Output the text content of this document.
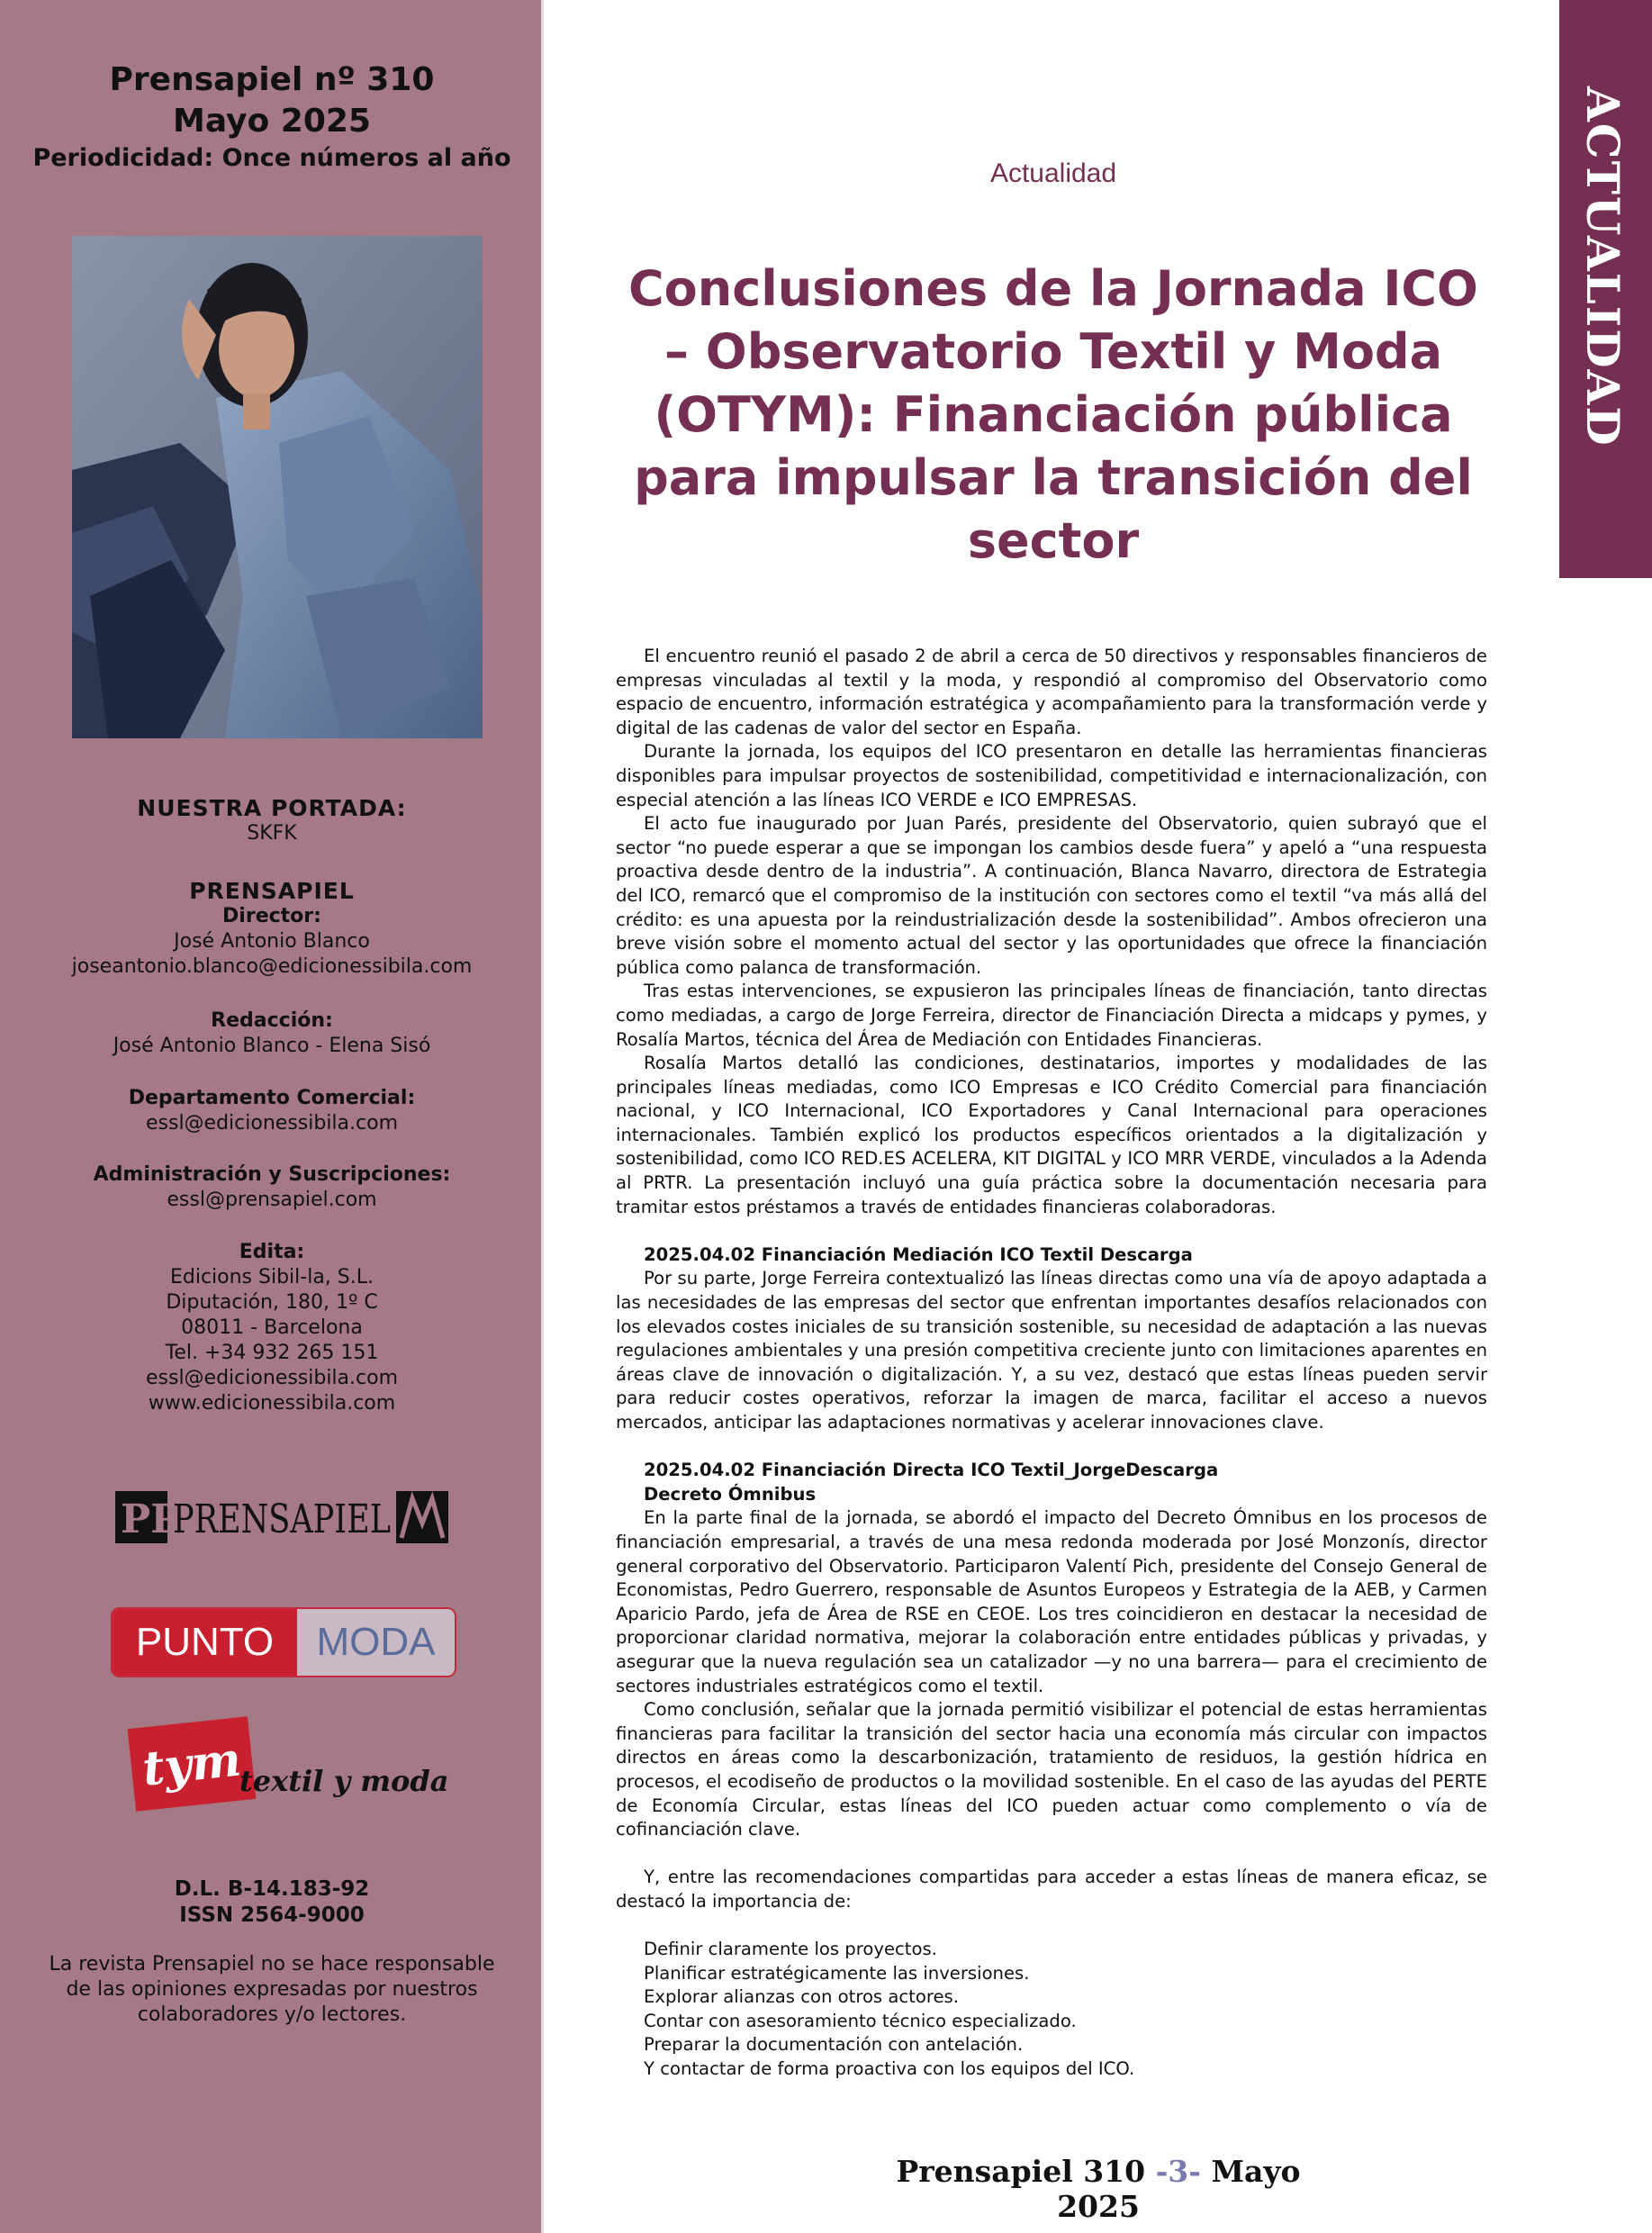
Prensapiel nº 310
Mayo 2025
Periodicidad: Once números al año
NUESTRA PORTADA:
SKFK
PRENSAPIEL
Director:
José Antonio Blanco
joseantonio.blanco@edicionessibila.com
Redacción:
José Antonio Blanco - Elena Sisó
Departamento Comercial:
essl@edicionessibila.com
Administración y Suscripciones:
essl@prensapiel.com
Edita:
Edicions Sibil-la, S.L.
Diputación, 180, 1º C
08011 - Barcelona
Tel. +34 932 265 151
essl@edicionessibila.com
www.edicionessibila.com
PP
PRENSAPIEL
PUNTO	MODA
tym
textil y moda
D.L. B-14.183-92
ISSN 2564-9000
La revista Prensapiel no se hace responsable de las opiniones expresadas por nuestros colaboradores y/o lectores.
ACTUALIDAD
Actualidad
Conclusiones de la Jornada ICO – Observatorio Textil y Moda (OTYM): Financiación pública para impulsar la transición del sector

El encuentro reunió el pasado 2 de abril a cerca de 50 directivos y responsables financieros de empresas vinculadas al textil y la moda, y respondió al compromiso del Observatorio como espacio de encuentro, información estratégica y acompañamiento para la transformación verde y digital de las cadenas de valor del sector en España.

Durante la jornada, los equipos del ICO presentaron en detalle las herramientas financieras disponibles para impulsar proyectos de sostenibilidad, competitividad e internacionalización, con especial atención a las líneas ICO VERDE e ICO EMPRESAS.

El acto fue inaugurado por Juan Parés, presidente del Observatorio, quien subrayó que el sector “no puede esperar a que se impongan los cambios desde fuera” y apeló a “una respuesta proactiva desde dentro de la industria”. A continuación, Blanca Navarro, directora de Estrategia del ICO, remarcó que el compromiso de la institución con sectores como el textil “va más allá del crédito: es una apuesta por la reindustrialización desde la sostenibilidad”. Ambos ofrecieron una breve visión sobre el momento actual del sector y las oportunidades que ofrece la financiación pública como palanca de transformación.

Tras estas intervenciones, se expusieron las principales líneas de financiación, tanto directas como mediadas, a cargo de Jorge Ferreira, director de Financiación Directa a midcaps y pymes, y Rosalía Martos, técnica del Área de Mediación con Entidades Financieras.

Rosalía Martos detalló las condiciones, destinatarios, importes y modalidades de las principales líneas mediadas, como ICO Empresas e ICO Crédito Comercial para financiación nacional, y ICO Internacional, ICO Exportadores y Canal Internacional para operaciones internacionales. También explicó los productos específicos orientados a la digitalización y sostenibilidad, como ICO RED.ES ACELERA, KIT DIGITAL y ICO MRR VERDE, vinculados a la Adenda al PRTR. La presentación incluyó una guía práctica sobre la documentación necesaria para tramitar estos préstamos a través de entidades financieras colaboradoras.

2025.04.02 Financiación Mediación ICO Textil Descarga

Por su parte, Jorge Ferreira contextualizó las líneas directas como una vía de apoyo adaptada a las necesidades de las empresas del sector que enfrentan importantes desafíos relacionados con los elevados costes iniciales de su transición sostenible, su necesidad de adaptación a las nuevas regulaciones ambientales y una presión competitiva creciente junto con limitaciones aparentes en áreas clave de innovación o digitalización. Y, a su vez, destacó que estas líneas pueden servir para reducir costes operativos, reforzar la imagen de marca, facilitar el acceso a nuevos mercados, anticipar las adaptaciones normativas y acelerar innovaciones clave.

2025.04.02 Financiación Directa ICO Textil_JorgeDescarga

Decreto Ómnibus

En la parte final de la jornada, se abordó el impacto del Decreto Ómnibus en los procesos de financiación empresarial, a través de una mesa redonda moderada por José Monzonís, director general corporativo del Observatorio. Participaron Valentí Pich, presidente del Consejo General de Economistas, Pedro Guerrero, responsable de Asuntos Europeos y Estrategia de la AEB, y Carmen Aparicio Pardo, jefa de Área de RSE en CEOE. Los tres coincidieron en destacar la necesidad de proporcionar claridad normativa, mejorar la colaboración entre entidades públicas y privadas, y asegurar que la nueva regulación sea un catalizador —y no una barrera— para el crecimiento de sectores industriales estratégicos como el textil.

Como conclusión, señalar que la jornada permitió visibilizar el potencial de estas herramientas financieras para facilitar la transición del sector hacia una economía más circular con impactos directos en áreas como la descarbonización, tratamiento de residuos, la gestión hídrica en procesos, el ecodiseño de productos o la movilidad sostenible. En el caso de las ayudas del PERTE de Economía Circular, estas líneas del ICO pueden actuar como complemento o vía de cofinanciación clave.

Y, entre las recomendaciones compartidas para acceder a estas líneas de manera eficaz, se destacó la importancia de:

Definir claramente los proyectos.
Planificar estratégicamente las inversiones.
Explorar alianzas con otros actores.
Contar con asesoramiento técnico especializado.
Preparar la documentación con antelación.
Y contactar de forma proactiva con los equipos del ICO.
Prensapiel 310 -3- Mayo 2025
